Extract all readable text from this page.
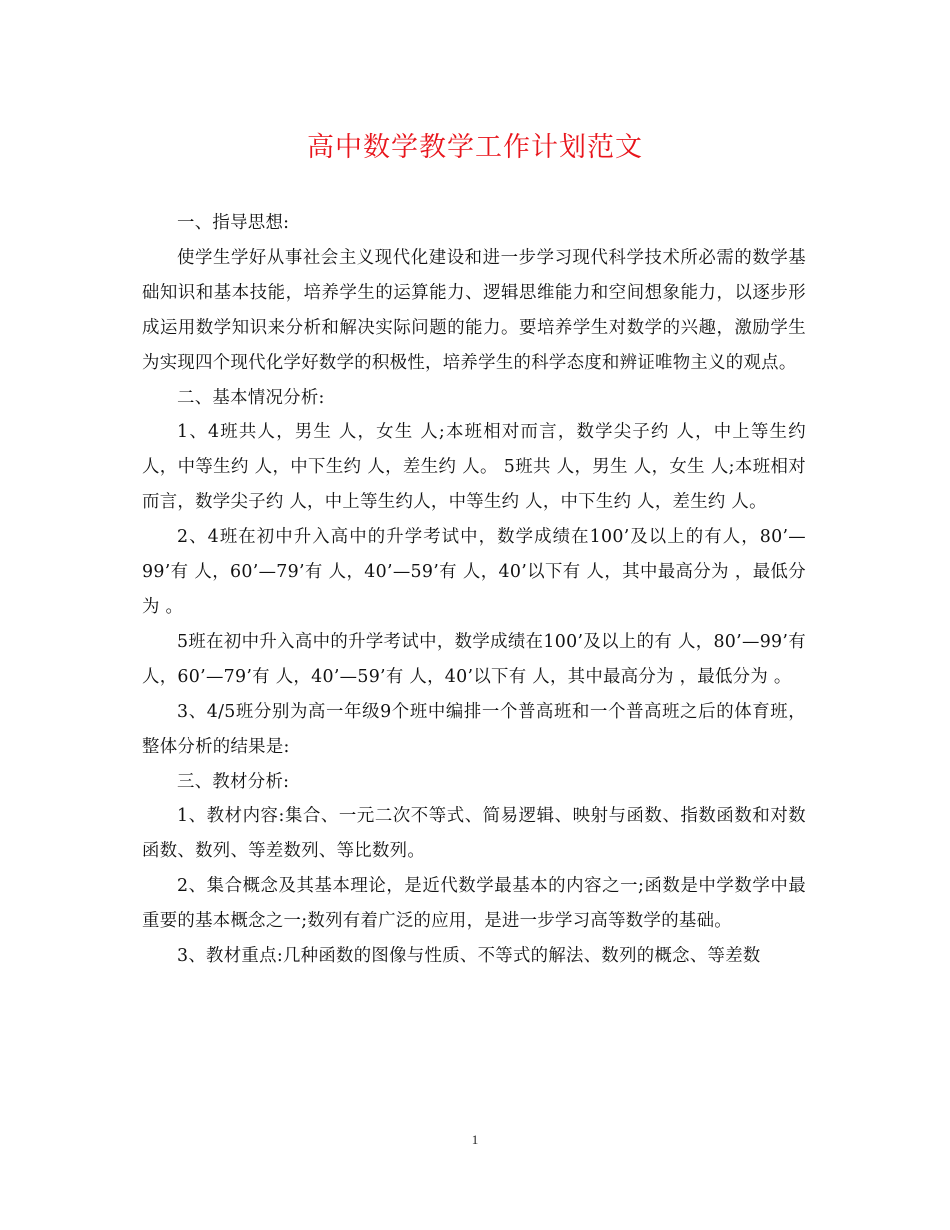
高中数学教学工作计划范文

一、指导思想:

使学生学好从事社会主义现代化建设和进一步学习现代科学技术所必需的数学基础知识和基本技能，培养学生的运算能力、逻辑思维能力和空间想象能力，以逐步形成运用数学知识来分析和解决实际问题的能力。要培养学生对数学的兴趣，激励学生为实现四个现代化学好数学的积极性，培养学生的科学态度和辨证唯物主义的观点。

二、基本情况分析:

1、4班共人，男生 人，女生 人;本班相对而言，数学尖子约 人，中上等生约 人，中等生约 人，中下生约 人，差生约 人。 5班共 人，男生 人，女生 人;本班相对而言，数学尖子约 人，中上等生约人，中等生约 人，中下生约 人，差生约 人。

2、4班在初中升入高中的升学考试中，数学成绩在100’及以上的有人，80’—99’有 人，60’—79’有 人，40’—59’有 人，40’以下有 人，其中最高分为 ，最低分为 。

5班在初中升入高中的升学考试中，数学成绩在100’及以上的有 人，80’—99’有 人，60’—79’有 人，40’—59’有 人，40’以下有 人，其中最高分为 ，最低分为 。

3、4/5班分别为高一年级9个班中编排一个普高班和一个普高班之后的体育班，整体分析的结果是:

三、教材分析:

1、教材内容:集合、一元二次不等式、简易逻辑、映射与函数、指数函数和对数函数、数列、等差数列、等比数列。

2、集合概念及其基本理论，是近代数学最基本的内容之一;函数是中学数学中最重要的基本概念之一;数列有着广泛的应用，是进一步学习高等数学的基础。

3、教材重点:几种函数的图像与性质、不等式的解法、数列的概念、等差数

1
